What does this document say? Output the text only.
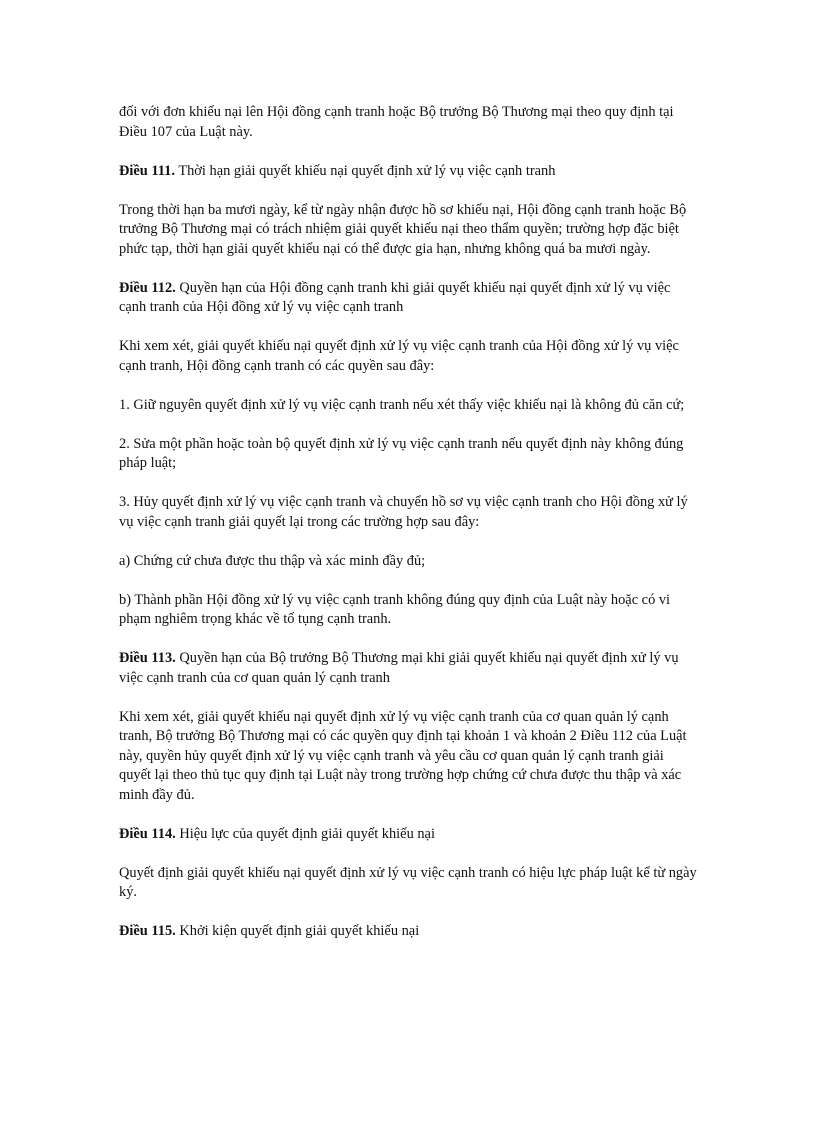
đối với đơn khiếu nại lên Hội đồng cạnh tranh hoặc Bộ trưởng Bộ Thương mại theo quy định tại Điều 107 của Luật này.

Điều 111. Thời hạn giải quyết khiếu nại quyết định xử lý vụ việc cạnh tranh

Trong thời hạn ba mươi ngày, kể từ ngày nhận được hồ sơ khiếu nại, Hội đồng cạnh tranh hoặc Bộ trưởng Bộ Thương mại có trách nhiệm giải quyết khiếu nại theo thẩm quyền; trường hợp đặc biệt phức tạp, thời hạn giải quyết khiếu nại có thể được gia hạn, nhưng không quá ba mươi ngày.

Điều 112. Quyền hạn của Hội đồng cạnh tranh khi giải quyết khiếu nại quyết định xử lý vụ việc cạnh tranh của Hội đồng xử lý vụ việc cạnh tranh

Khi xem xét, giải quyết khiếu nại quyết định xử lý vụ việc cạnh tranh của Hội đồng xử lý vụ việc cạnh tranh, Hội đồng cạnh tranh có các quyền sau đây:

1. Giữ nguyên quyết định xử lý vụ việc cạnh tranh nếu xét thấy việc khiếu nại là không đủ căn cứ;

2. Sửa một phần hoặc toàn bộ quyết định xử lý vụ việc cạnh tranh nếu quyết định này không đúng pháp luật;

3. Hủy quyết định xử lý vụ việc cạnh tranh và chuyển hồ sơ vụ việc cạnh tranh cho Hội đồng xử lý vụ việc cạnh tranh giải quyết lại trong các trường hợp sau đây:

a) Chứng cứ chưa được thu thập và xác minh đầy đủ;

b) Thành phần Hội đồng xử lý vụ việc cạnh tranh không đúng quy định của Luật này hoặc có vi phạm nghiêm trọng khác về tố tụng cạnh tranh.

Điều 113. Quyền hạn của Bộ trưởng Bộ Thương mại khi giải quyết khiếu nại quyết định xử lý vụ việc cạnh tranh của cơ quan quản lý cạnh tranh

Khi xem xét, giải quyết khiếu nại quyết định xử lý vụ việc cạnh tranh của cơ quan quản lý cạnh tranh, Bộ trưởng Bộ Thương mại có các quyền quy định tại khoản 1 và khoản 2 Điều 112 của Luật này, quyền hủy quyết định xử lý vụ việc cạnh tranh và yêu cầu cơ quan quản lý cạnh tranh giải quyết lại theo thủ tục quy định tại Luật này trong trường hợp chứng cứ chưa được thu thập và xác minh đầy đủ.

Điều 114. Hiệu lực của quyết định giải quyết khiếu nại

Quyết định giải quyết khiếu nại quyết định xử lý vụ việc cạnh tranh có hiệu lực pháp luật kể từ ngày ký.

Điều 115. Khởi kiện quyết định giải quyết khiếu nại
